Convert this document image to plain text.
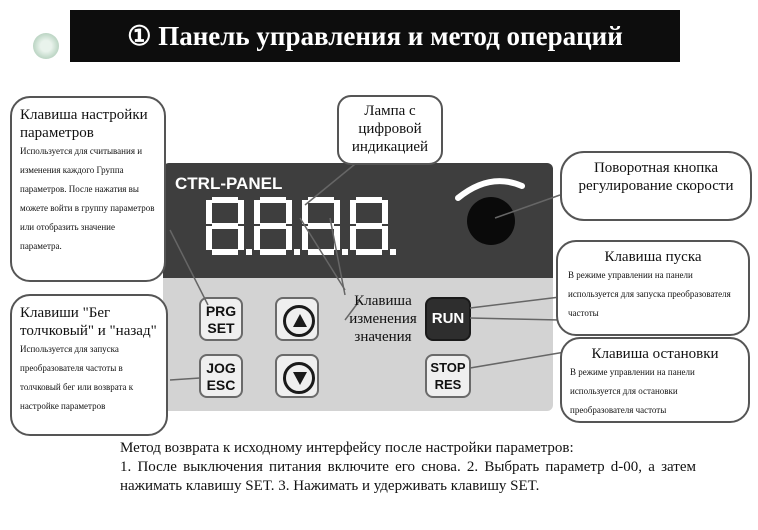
① Панель управления и метод операций
CTRL-PANEL
PRG
SET
JOG
ESC
RUN
STOP
RES
Клавиша настройки параметров
Используется для считывания и изменения каждого Группа параметров. После нажатия вы можете войти в группу параметров или отобразить значение параметра.
Лампа с цифровой индикацией
Поворотная кнопка регулирование скорости
Клавиша пуска
В режиме управлении на панели используется для запуска преобразователя частоты
Клавиши "Бег толчковый" и "назад"
Используется для запуска преобразователя частоты в толчковый бег или возврата к настройке параметров
Клавиша изменения значения
Клавиша остановки
В режиме управлении на панели используется для остановки преобразователя частоты
Метод возврата к исходному интерфейсу после настройки параметров:
1. После выключения питания включите его снова. 2. Выбрать параметр d-00, а затем нажимать клавишу SET. 3. Нажимать и удерживать клавишу SET.
